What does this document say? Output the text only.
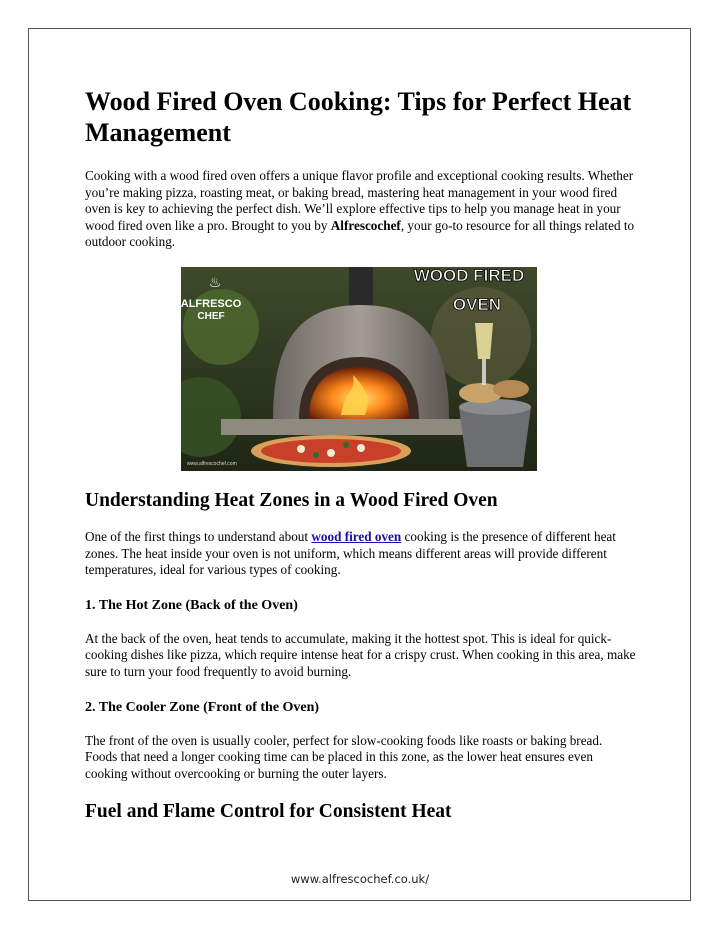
Wood Fired Oven Cooking: Tips for Perfect Heat Management

Cooking with a wood fired oven offers a unique flavor profile and exceptional cooking results. Whether you’re making pizza, roasting meat, or baking bread, mastering heat management in your wood fired oven is key to achieving the perfect dish. We’ll explore effective tips to help you manage heat in your wood fired oven like a pro. Brought to you by Alfrescochef, your go-to resource for all things related to outdoor cooking.

♨
ALFRESCO
CHEF
WOOD FIRED
OVEN
www.alfrescochef.com
Understanding Heat Zones in a Wood Fired Oven

One of the first things to understand about wood fired oven cooking is the presence of different heat zones. The heat inside your oven is not uniform, which means different areas will provide different temperatures, ideal for various types of cooking.

1. The Hot Zone (Back of the Oven)

At the back of the oven, heat tends to accumulate, making it the hottest spot. This is ideal for quick-cooking dishes like pizza, which require intense heat for a crispy crust. When cooking in this area, make sure to turn your food frequently to avoid burning.

2. The Cooler Zone (Front of the Oven)

The front of the oven is usually cooler, perfect for slow-cooking foods like roasts or baking bread. Foods that need a longer cooking time can be placed in this zone, as the lower heat ensures even cooking without overcooking or burning the outer layers.

Fuel and Flame Control for Consistent Heat
www.alfrescochef.co.uk/
